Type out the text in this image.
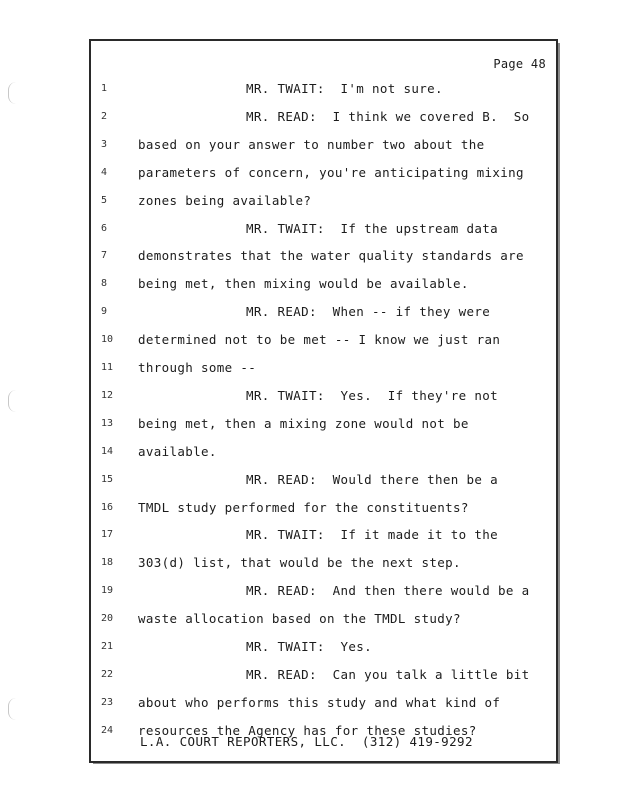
Page 48
1	MR. TWAIT:  I'm not sure.
2	MR. READ:  I think we covered B.  So
3	based on your answer to number two about the
4	parameters of concern, you're anticipating mixing
5	zones being available?
6	MR. TWAIT:  If the upstream data
7	demonstrates that the water quality standards are
8	being met, then mixing would be available.
9	MR. READ:  When -- if they were
10	determined not to be met -- I know we just ran
11	through some --
12	MR. TWAIT:  Yes.  If they're not
13	being met, then a mixing zone would not be
14	available.
15	MR. READ:  Would there then be a
16	TMDL study performed for the constituents?
17	MR. TWAIT:  If it made it to the
18	303(d) list, that would be the next step.
19	MR. READ:  And then there would be a
20	waste allocation based on the TMDL study?
21	MR. TWAIT:  Yes.
22	MR. READ:  Can you talk a little bit
23	about who performs this study and what kind of
24	resources the Agency has for these studies?
L.A. COURT REPORTERS, LLC.  (312) 419-9292
